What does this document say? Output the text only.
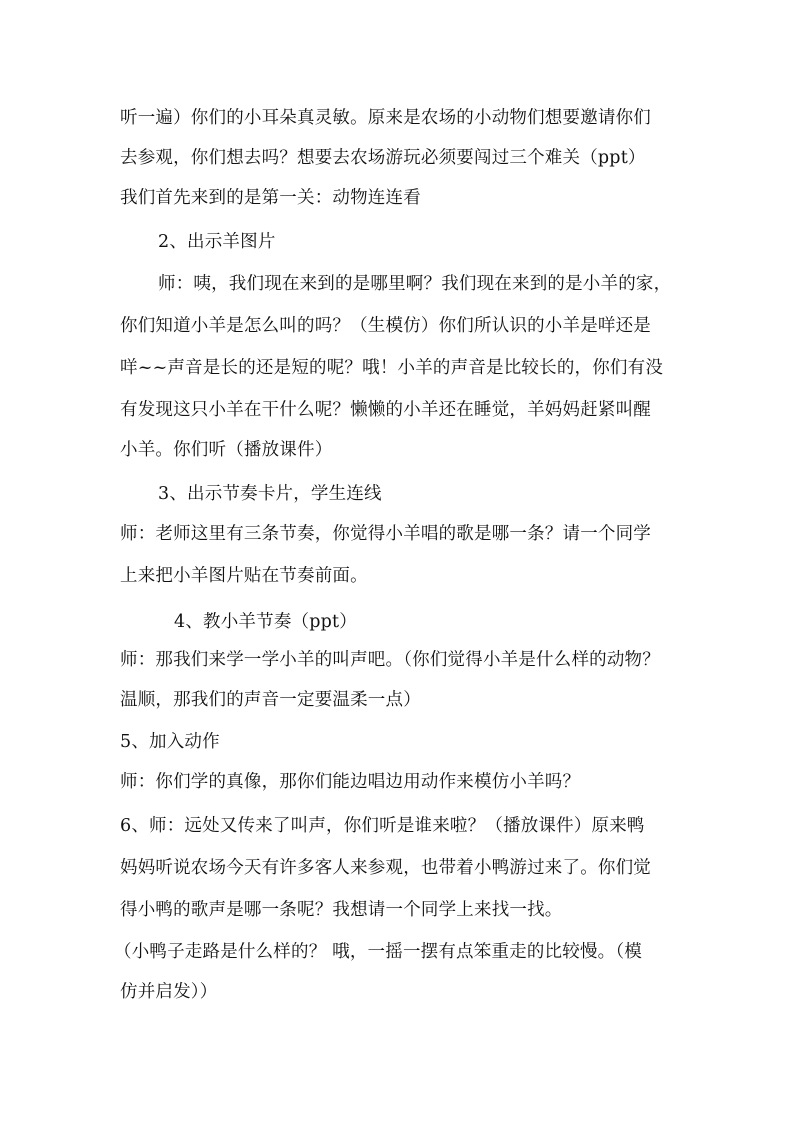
听一遍）你们的小耳朵真灵敏。原来是农场的小动物们想要邀请你们
去参观，你们想去吗？想要去农场游玩必须要闯过三个难关（ppt）
我们首先来到的是第一关：动物连连看
2、出示羊图片
师：咦，我们现在来到的是哪里啊？我们现在来到的是小羊的家，
你们知道小羊是怎么叫的吗？（生模仿）你们所认识的小羊是咩还是
咩~~声音是长的还是短的呢？哦！小羊的声音是比较长的，你们有没
有发现这只小羊在干什么呢？懒懒的小羊还在睡觉，羊妈妈赶紧叫醒
小羊。你们听（播放课件）
3、出示节奏卡片，学生连线
师：老师这里有三条节奏，你觉得小羊唱的歌是哪一条？请一个同学
上来把小羊图片贴在节奏前面。
4、教小羊节奏（ppt）
师：那我们来学一学小羊的叫声吧。（你们觉得小羊是什么样的动物？
温顺，那我们的声音一定要温柔一点）
5、加入动作
师：你们学的真像，那你们能边唱边用动作来模仿小羊吗？
6、师：远处又传来了叫声，你们听是谁来啦？（播放课件）原来鸭
妈妈听说农场今天有许多客人来参观，也带着小鸭游过来了。你们觉
得小鸭的歌声是哪一条呢？我想请一个同学上来找一找。
（小鸭子走路是什么样的？ 哦，一摇一摆有点笨重走的比较慢。（模
仿并启发））
